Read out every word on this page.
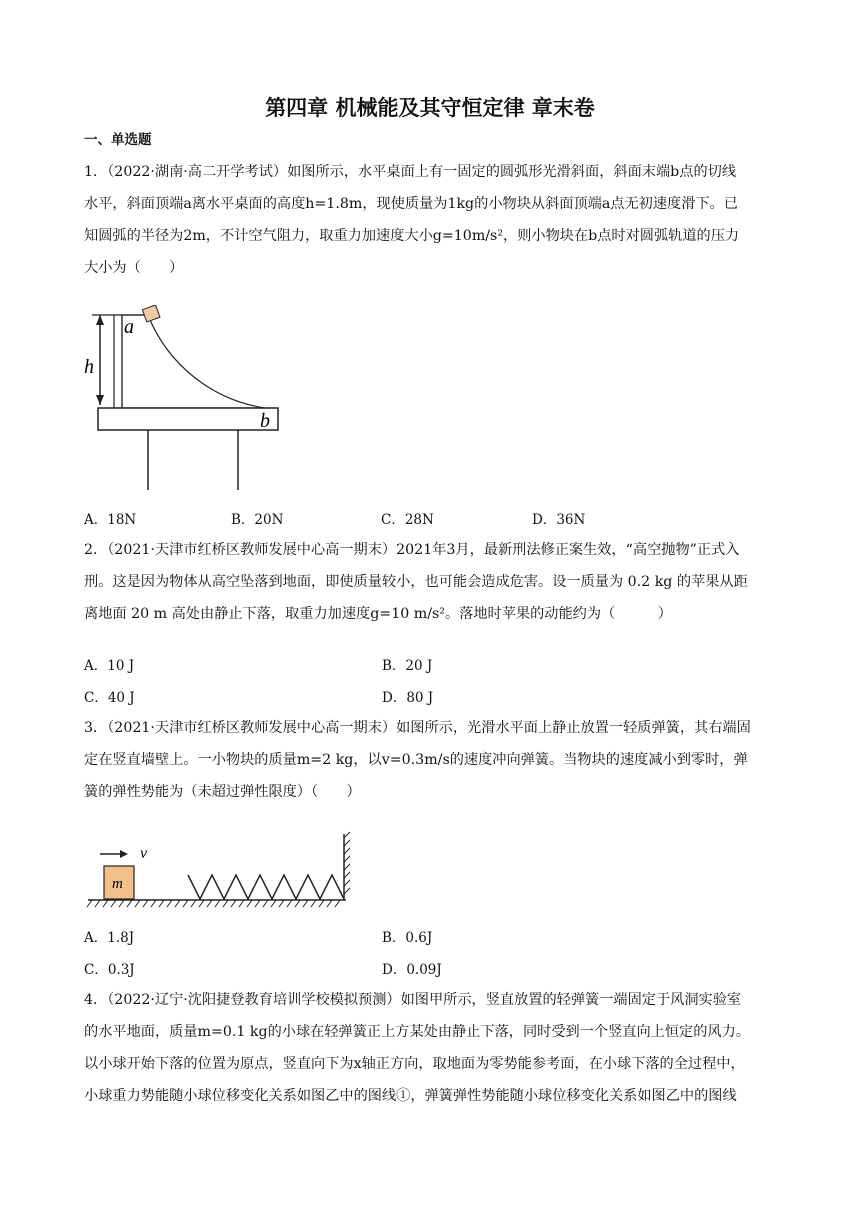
第四章 机械能及其守恒定律 章末卷
一、单选题
1．（2022·湖南·高二开学考试）如图所示，水平桌面上有一固定的圆弧形光滑斜面，斜面末端b点的切线
水平，斜面顶端a离水平桌面的高度h=1.8m，现使质量为1kg的小物块从斜面顶端a点无初速度滑下。已
知圆弧的半径为2m，不计空气阻力，取重力加速度大小g=10m/s²，则小物块在b点时对圆弧轨道的压力
大小为（　　）
a
h
b
A．18N	B．20N	C．28N	D．36N
2．（2021·天津市红桥区教师发展中心高一期末）2021年3月，最新刑法修正案生效，“高空抛物”正式入
刑。这是因为物体从高空坠落到地面，即使质量较小，也可能会造成危害。设一质量为 0.2 kg 的苹果从距
离地面 20 m 高处由静止下落，取重力加速度g=10 m/s²。落地时苹果的动能约为（　　　）
A．10 J	B．20 J
C．40 J	D．80 J
3．（2021·天津市红桥区教师发展中心高一期末）如图所示，光滑水平面上静止放置一轻质弹簧，其右端固
定在竖直墙壁上。一小物块的质量m=2 kg，以v=0.3m/s的速度冲向弹簧。当物块的速度减小到零时，弹
簧的弹性势能为（未超过弹性限度）（　　）
v
m
A．1.8J	B．0.6J
C．0.3J	D．0.09J
4．（2022·辽宁·沈阳捷登教育培训学校模拟预测）如图甲所示，竖直放置的轻弹簧一端固定于风洞实验室
的水平地面，质量m=0.1 kg的小球在轻弹簧正上方某处由静止下落，同时受到一个竖直向上恒定的风力。
以小球开始下落的位置为原点，竖直向下为x轴正方向，取地面为零势能参考面，在小球下落的全过程中，
小球重力势能随小球位移变化关系如图乙中的图线①，弹簧弹性势能随小球位移变化关系如图乙中的图线
